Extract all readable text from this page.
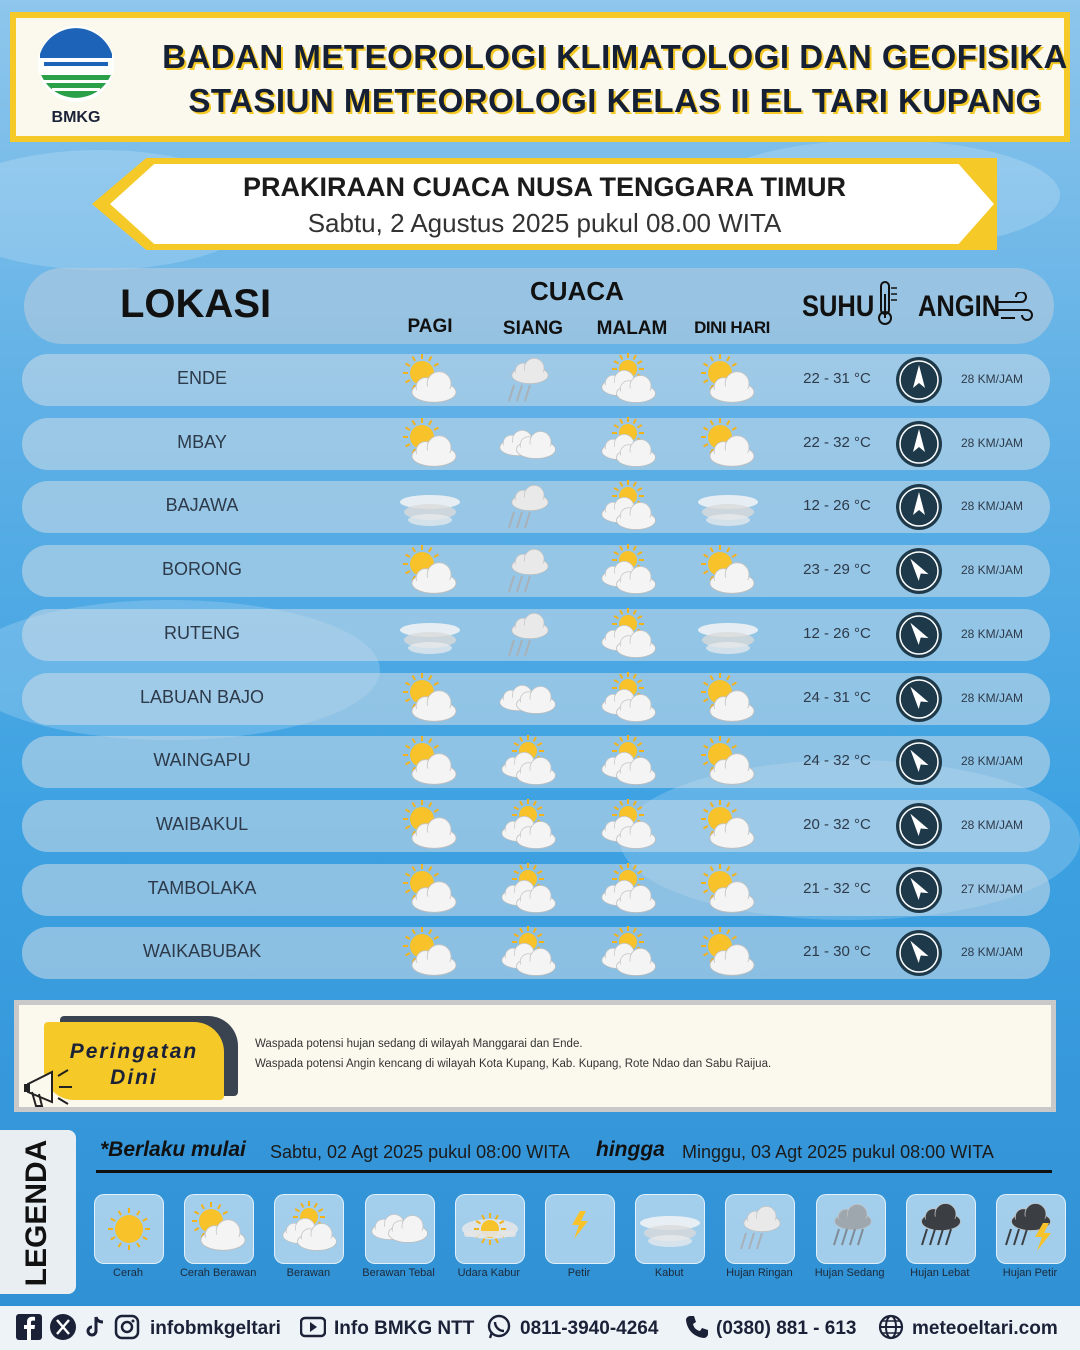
BMKG
BADAN METEOROLOGI KLIMATOLOGI DAN GEOFISIKA
STASIUN METEOROLOGI KELAS II EL TARI KUPANG
PRAKIRAAN CUACA NUSA TENGGARA TIMUR
Sabtu, 2 Agustus 2025 pukul 08.00 WITA
LOKASI	CUACA
PAGI	SIANG	MALAM	DINI HARI
SUHU ANGIN
ENDE	22 - 31 °C	28 KM/JAM
MBAY	22 - 32 °C	28 KM/JAM
BAJAWA	12 - 26 °C	28 KM/JAM
BORONG	23 - 29 °C	28 KM/JAM
RUTENG	12 - 26 °C	28 KM/JAM
LABUAN BAJO	24 - 31 °C	28 KM/JAM
WAINGAPU	24 - 32 °C	28 KM/JAM
WAIBAKUL	20 - 32 °C	28 KM/JAM
TAMBOLAKA	21 - 32 °C	27 KM/JAM
WAIKABUBAK	21 - 30 °C	28 KM/JAM
Peringatan
Dini
Waspada potensi hujan sedang di wilayah Manggarai dan Ende.
Waspada potensi Angin kencang di wilayah Kota Kupang, Kab. Kupang, Rote Ndao dan Sabu Raijua.
LEGENDA *Berlaku mulai Sabtu, 02 Agt 2025 pukul 08:00 WITA hingga Minggu, 03 Agt 2025 pukul 08:00 WITA
Cerah	Cerah Berawan	Berawan	Berawan Tebal	Udara Kabur	Petir	Kabut	Hujan Ringan	Hujan Sedang	Hujan Lebat	Hujan Petir
infobmkgeltari	Info BMKG NTT 0811-3940-4264	(0380) 881 - 613	meteoeltari.com
